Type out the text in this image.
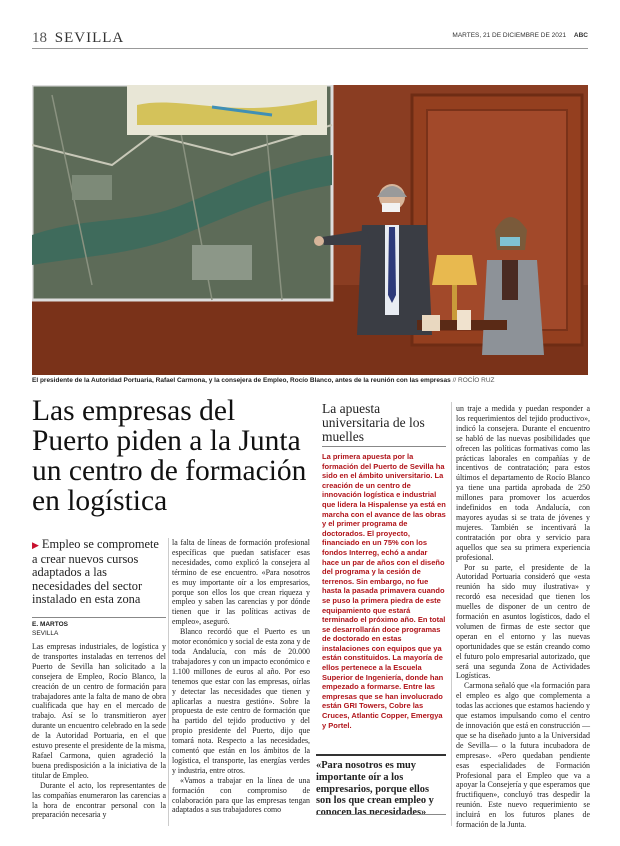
18 SEVILLA	MARTES, 21 DE DICIEMBRE DE 2021 ABC
El presidente de la Autoridad Portuaria, Rafael Carmona, y la consejera de Empleo, Rocío Blanco, antes de la reunión con las empresas // ROCÍO RUZ
Las empresas del Puerto piden a la Junta un centro de formación en logística
▶ Empleo se compromete a crear nuevos cursos adaptados a las necesidades del sector instalado en esta zona
E. MARTOS
SEVILLA

Las empresas industriales, de logística y de transportes instaladas en terrenos del Puerto de Sevilla han solicitado a la consejera de Empleo, Rocío Blanco, la creación de un centro de formación para trabajadores ante la falta de mano de obra cualificada que hay en el mercado de trabajo. Así se lo transmitieron ayer durante un encuentro celebrado en la sede de la Autoridad Portuaria, en el que estuvo presente el presidente de la misma, Rafael Carmona, quien agradeció la buena predisposición a la iniciativa de la titular de Empleo.

Durante el acto, los representantes de las compañías enumeraron las carencias a la hora de encontrar personal con la preparación necesaria y

la falta de líneas de formación profesional específicas que puedan satisfacer esas necesidades, como explicó la consejera al término de ese encuentro. «Para nosotros es muy importante oír a los empresarios, porque son ellos los que crean riqueza y empleo y saben las carencias y por dónde tienen que ir las políticas activas de empleo», aseguró.

Blanco recordó que el Puerto es un motor económico y social de esta zona y de toda Andalucía, con más de 20.000 trabajadores y con un impacto económico e 1.100 millones de euros al año. Por eso tenemos que estar con las empresas, oírlas y detectar las necesidades que tienen y aplicarlas a nuestra gestión». Sobre la propuesta de este centro de formación que ha partido del tejido productivo y del propio presidente del Puerto, dijo que tomará nota. Respecto a las necesidades, comentó que están en los ámbitos de la logística, el transporte, las energías verdes y industria, entre otros.

«Vamos a trabajar en la línea de una formación con compromiso de colaboración para que las empresas tengan adaptados a sus trabajadores como

La apuesta universitaria de los muelles
La primera apuesta por la formación del Puerto de Sevilla ha sido en el ámbito universitario. La creación de un centro de innovación logística e industrial que lidera la Hispalense ya está en marcha con el avance de las obras y el primer programa de doctorados. El proyecto, financiado en un 75% con los fondos Interreg, echó a andar hace un par de años con el diseño del programa y la cesión de terrenos. Sin embargo, no fue hasta la pasada primavera cuando se puso la primera piedra de este equipamiento que estará terminado el próximo año. En total se desarrollarán doce programas de doctorado en estas instalaciones con equipos que ya están constituidos. La mayoría de ellos pertenece a la Escuela Superior de Ingeniería, donde han empezado a formarse. Entre las empresas que se han involucrado están GRI Towers, Cobre las Cruces, Atlantic Copper, Emergya y Portel.
«Para nosotros es muy importante oír a los empresarios, porque ellos son los que crean empleo y conocen las necesidades»

un traje a medida y puedan responder a los requerimientos del tejido productivo», indicó la consejera. Durante el encuentro se habló de las nuevas posibilidades que ofrecen las políticas formativas como las prácticas laborales en compañías y de incentivos de contratación; para estos últimos el departamento de Rocío Blanco ya tiene una partida aprobada de 250 millones para promover los acuerdos indefinidos en toda Andalucía, con mayores ayudas si se trata de jóvenes y mujeres. También se incentivará la contratación por obra y servicio para aquellos que sea su primera experiencia profesional.

Por su parte, el presidente de la Autoridad Portuaria consideró que «esta reunión ha sido muy ilustrativa» y recordó esa necesidad que tienen los muelles de disponer de un centro de formación en asuntos logísticos, dado el volumen de firmas de este sector que operan en el entorno y las nuevas oportunidades que se están creando como el futuro polo empresarial autorizado, que será una segunda Zona de Actividades Logísticas.

Carmona señaló que «la formación para el empleo es algo que complementa a todas las acciones que estamos haciendo y que estamos impulsando como el centro de innovación que está en construcción —que se ha diseñado junto a la Universidad de Sevilla— o la futura incubadora de empresas». «Pero quedaban pendiente esas especialidades de Formación Profesional para el Empleo que va a apoyar la Consejería y que esperamos que fructifiquen», concluyó tras despedir la reunión. Este nuevo requerimiento se incluirá en los futuros planes de formación de la Junta.
